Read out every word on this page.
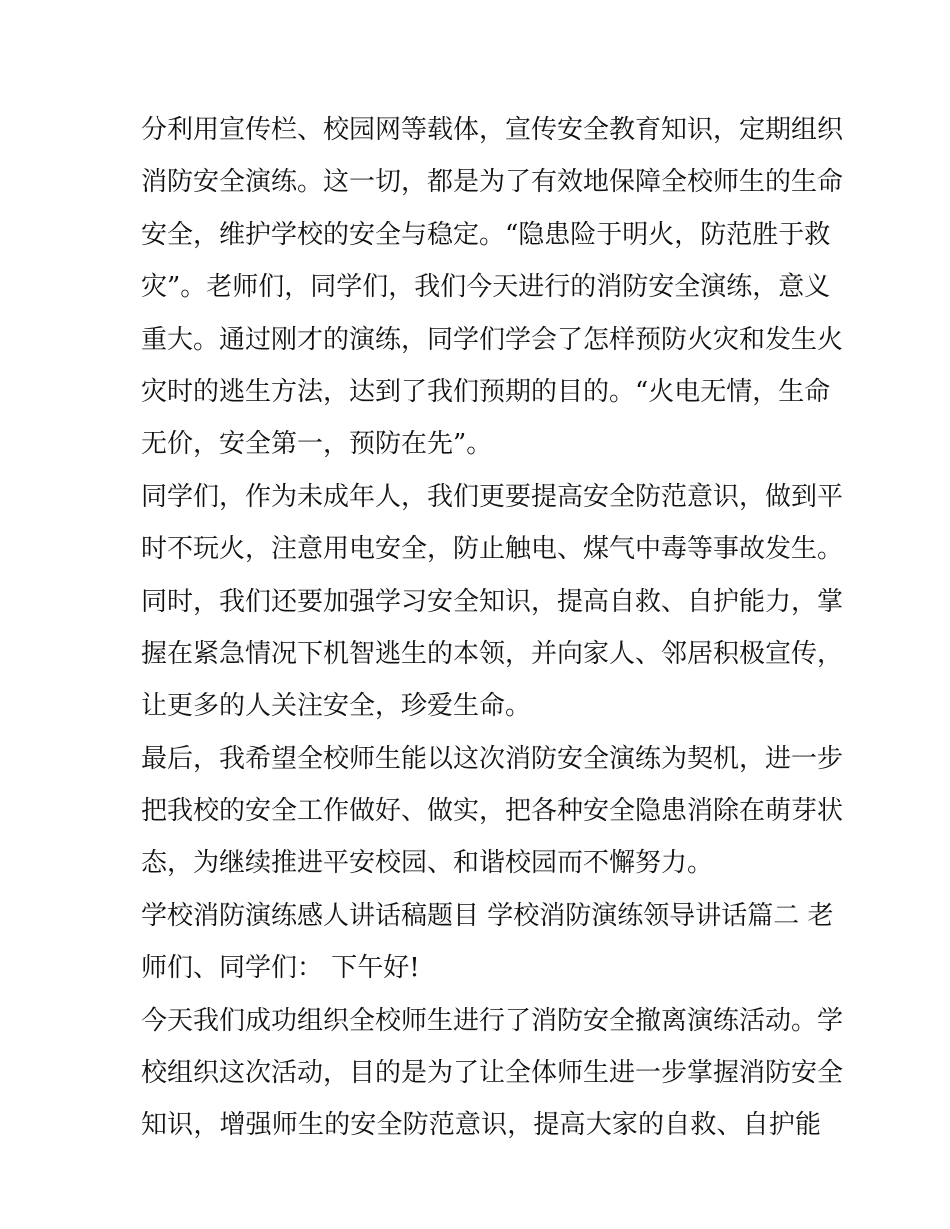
分利用宣传栏、校园网等载体，宣传安全教育知识，定期组织
消防安全演练。这一切，都是为了有效地保障全校师生的生命
安全，维护学校的安全与稳定。“隐患险于明火，防范胜于救
灾”。老师们，同学们，我们今天进行的消防安全演练，意义
重大。通过刚才的演练，同学们学会了怎样预防火灾和发生火
灾时的逃生方法，达到了我们预期的目的。“火电无情，生命
无价，安全第一，预防在先”。
同学们，作为未成年人，我们更要提高安全防范意识，做到平
时不玩火，注意用电安全，防止触电、煤气中毒等事故发生。
同时，我们还要加强学习安全知识，提高自救、自护能力，掌
握在紧急情况下机智逃生的本领，并向家人、邻居积极宣传，
让更多的人关注安全，珍爱生命。
最后，我希望全校师生能以这次消防安全演练为契机，进一步
把我校的安全工作做好、做实，把各种安全隐患消除在萌芽状
态，为继续推进平安校园、和谐校园而不懈努力。
学校消防演练感人讲话稿题目 学校消防演练领导讲话篇二 老
师们、同学们： 下午好!
今天我们成功组织全校师生进行了消防安全撤离演练活动。学
校组织这次活动，目的是为了让全体师生进一步掌握消防安全
知识，增强师生的安全防范意识，提高大家的自救、自护能
